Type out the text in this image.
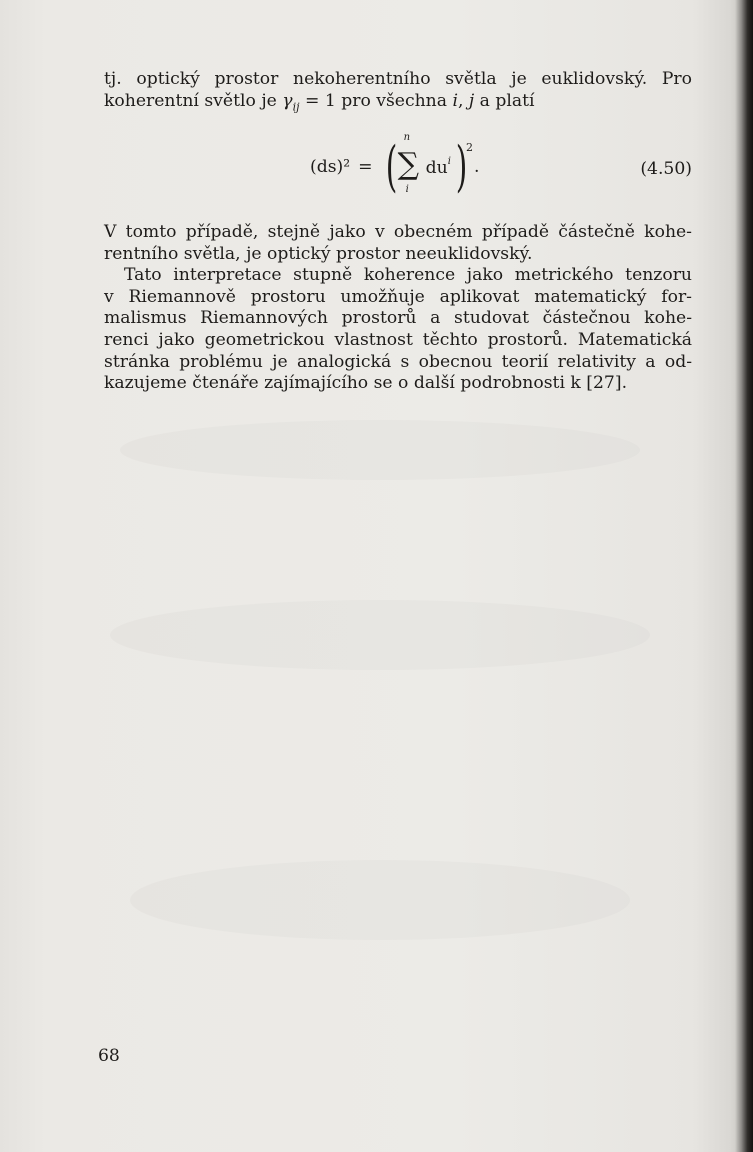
tj. optický prostor nekoherentního světla je euklidovský. Pro
koherentní světlo je $\gamma_{ij} = 1$ pro všechna i, j a platí
(ds)² = ( n
∑
i
$du^i$ )
2
.	(4.50)
V tomto případě, stejně jako v obecném případě částečně kohe-
rentního světla, je optický prostor neeuklidovský.
Tato interpretace stupně koherence jako metrického tenzoru
v Riemannově prostoru umožňuje aplikovat matematický for-
malismus Riemannových prostorů a studovat částečnou kohe-
renci jako geometrickou vlastnost těchto prostorů. Matematická
stránka problému je analogická s obecnou teorií relativity a od-
kazujeme čtenáře zajímajícího se o další podrobnosti k [27].
68
